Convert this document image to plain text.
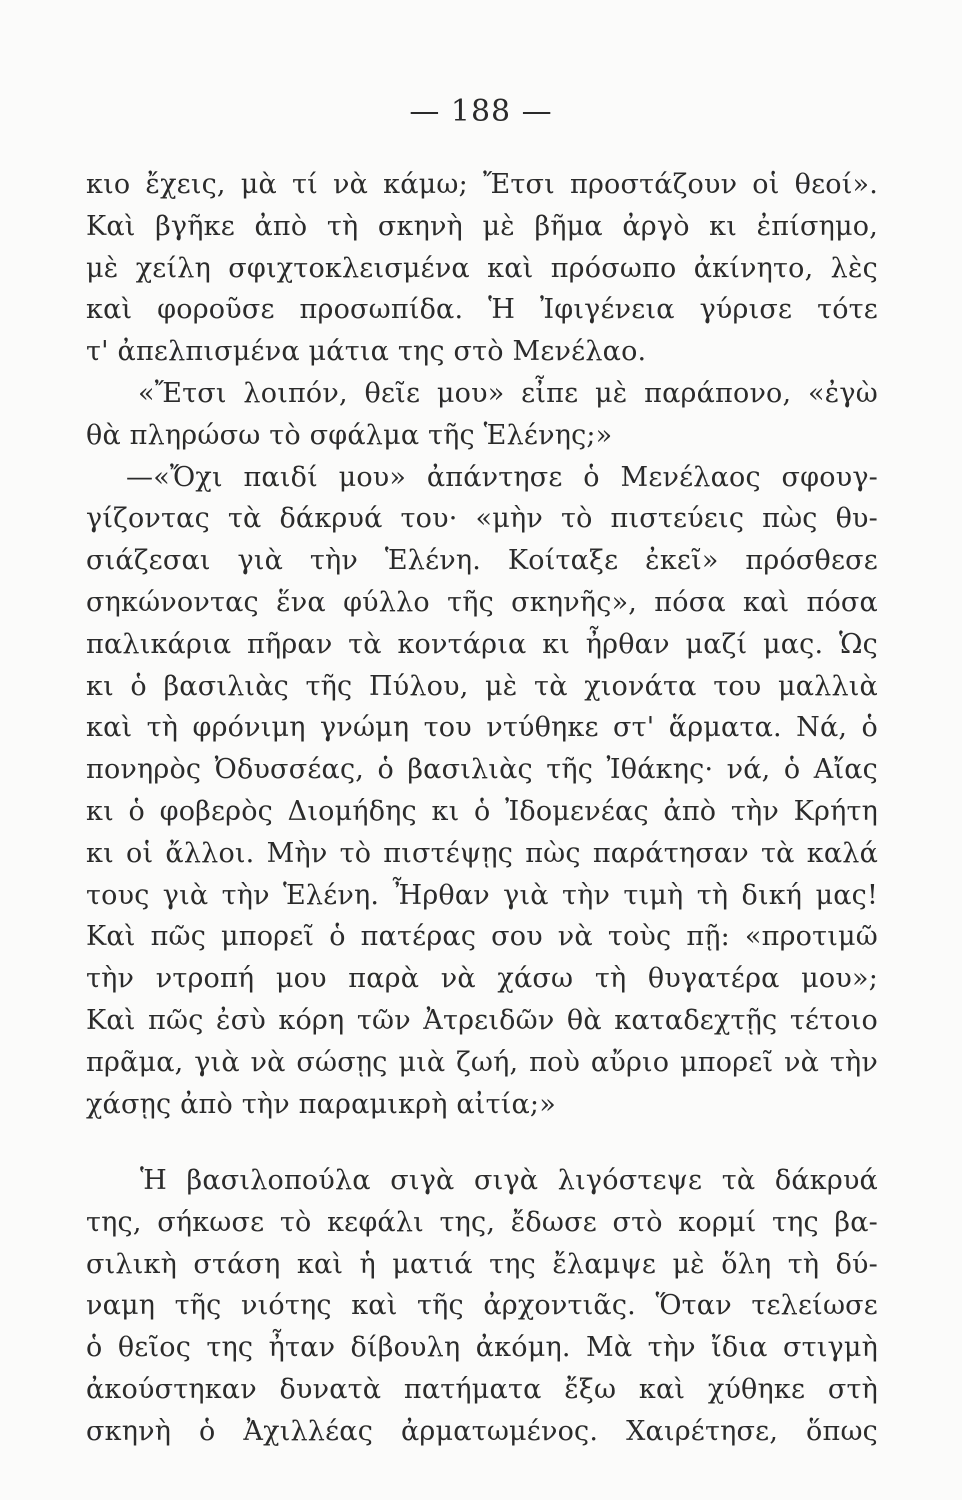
— 188 —
κιο ἔχεις, μὰ τί νὰ κάμω; Ἔτσι προστάζουν οἱ θεοί».
Καὶ βγῆκε ἀπὸ τὴ σκηνὴ μὲ βῆμα ἀργὸ κι ἐπίσημο,
μὲ χείλη σφιχτοκλεισμένα καὶ πρόσωπο ἀκίνητο, λὲς
καὶ φοροῦσε προσωπίδα. Ἡ Ἰφιγένεια γύρισε τότε
τ' ἀπελπισμένα μάτια της στὸ Μενέλαο.
«Ἔτσι λοιπόν, θεῖε μου» εἶπε μὲ παράπονο, «ἐγὼ
θὰ πληρώσω τὸ σφάλμα τῆς Ἑλένης;»
—«Ὄχι παιδί μου» ἀπάντησε ὁ Μενέλαος σφουγ-
γίζοντας τὰ δάκρυά του· «μὴν τὸ πιστεύεις πὼς θυ-
σιάζεσαι γιὰ τὴν Ἑλένη. Κοίταξε ἐκεῖ» πρόσθεσε
σηκώνοντας ἕνα φύλλο τῆς σκηνῆς», πόσα καὶ πόσα
παλικάρια πῆραν τὰ κοντάρια κι ἦρθαν μαζί μας. Ὡς
κι ὁ βασιλιὰς τῆς Πύλου, μὲ τὰ χιονάτα του μαλλιὰ
καὶ τὴ φρόνιμη γνώμη του ντύθηκε στ' ἅρματα. Νά, ὁ
πονηρὸς Ὀδυσσέας, ὁ βασιλιὰς τῆς Ἰθάκης· νά, ὁ Αἴας
κι ὁ φοβερὸς Διομήδης κι ὁ Ἰδομενέας ἀπὸ τὴν Κρήτη
κι οἱ ἄλλοι. Μὴν τὸ πιστέψῃς πὼς παράτησαν τὰ καλά
τους γιὰ τὴν Ἑλένη. Ἦρθαν γιὰ τὴν τιμὴ τὴ δική μας!
Καὶ πῶς μπορεῖ ὁ πατέρας σου νὰ τοὺς πῇ: «προτιμῶ
τὴν ντροπή μου παρὰ νὰ χάσω τὴ θυγατέρα μου»;
Καὶ πῶς ἐσὺ κόρη τῶν Ἀτρειδῶν θὰ καταδεχτῇς τέτοιο
πρᾶμα, γιὰ νὰ σώσῃς μιὰ ζωή, ποὺ αὔριο μπορεῖ νὰ τὴν
χάσῃς ἀπὸ τὴν παραμικρὴ αἰτία;»
Ἡ βασιλοπούλα σιγὰ σιγὰ λιγόστεψε τὰ δάκρυά
της, σήκωσε τὸ κεφάλι της, ἔδωσε στὸ κορμί της βα-
σιλικὴ στάση καὶ ἡ ματιά της ἔλαμψε μὲ ὅλη τὴ δύ-
ναμη τῆς νιότης καὶ τῆς ἀρχοντιᾶς. Ὅταν τελείωσε
ὁ θεῖος της ἦταν δίβουλη ἀκόμη. Μὰ τὴν ἴδια στιγμὴ
ἀκούστηκαν δυνατὰ πατήματα ἔξω καὶ χύθηκε στὴ
σκηνὴ ὁ Ἀχιλλέας ἀρματωμένος. Χαιρέτησε, ὅπως
